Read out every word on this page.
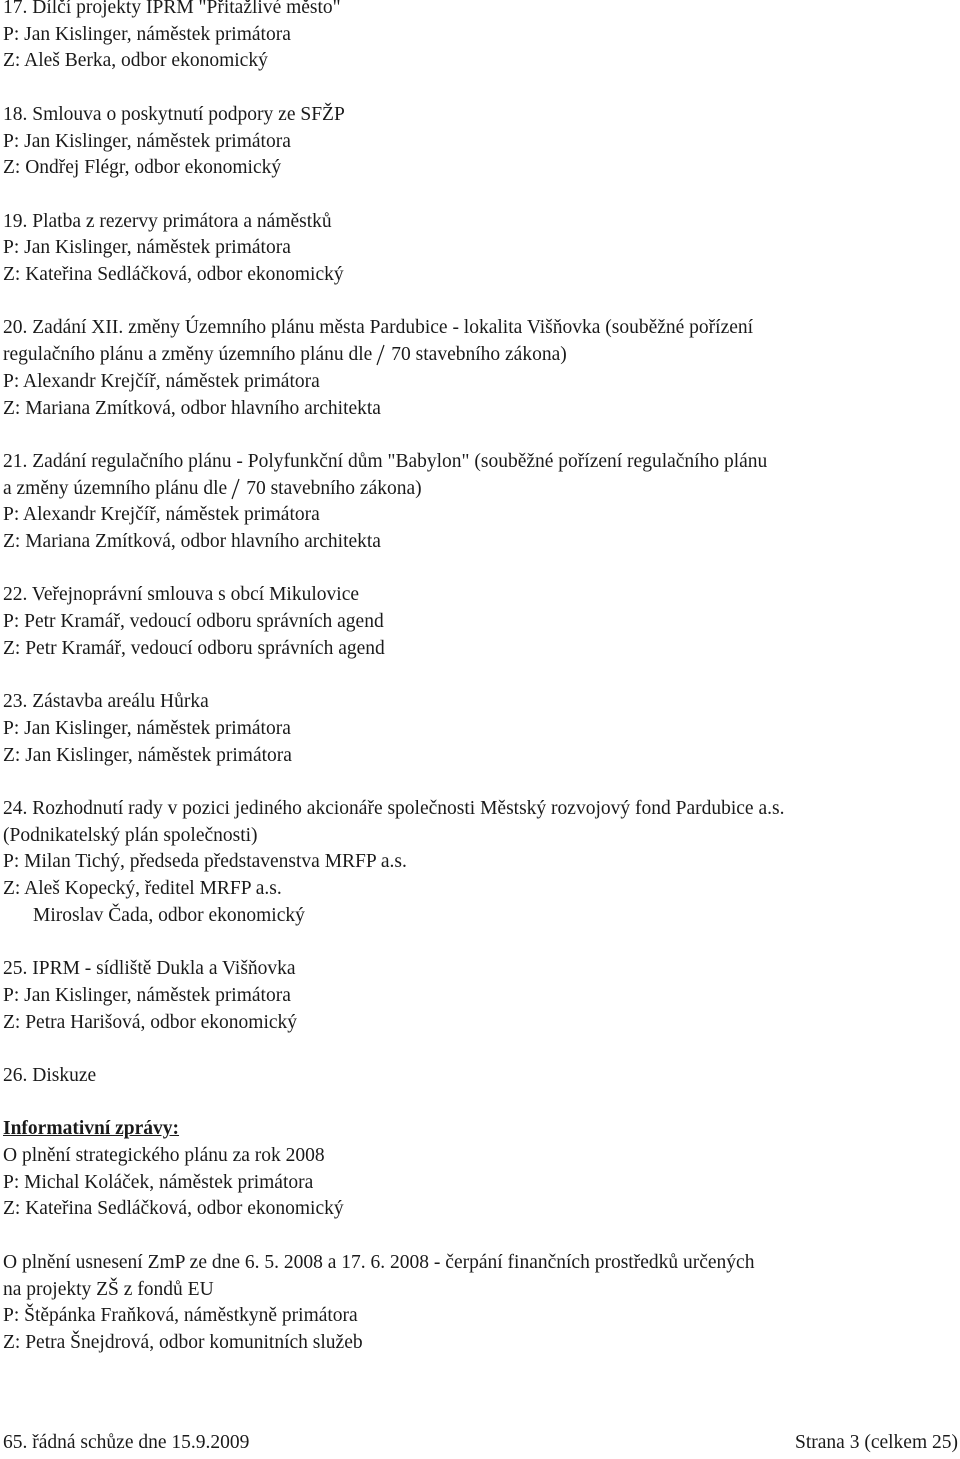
17. Dílčí projekty IPRM "Přitažlivé město"
P: Jan Kislinger, náměstek primátora
Z: Aleš Berka, odbor ekonomický
18. Smlouva o poskytnutí podpory ze SFŽP
P: Jan Kislinger, náměstek primátora
Z: Ondřej Flégr, odbor ekonomický
19. Platba z rezervy primátora a náměstků
P: Jan Kislinger, náměstek primátora
Z: Kateřina Sedláčková, odbor ekonomický
20. Zadání XII. změny Územního plánu města Pardubice - lokalita Višňovka (souběžné pořízení
regulačního plánu a změny územního plánu dle 70 stavebního zákona)
P: Alexandr Krejčíř, náměstek primátora
Z: Mariana Zmítková, odbor hlavního architekta
21. Zadání regulačního plánu - Polyfunkční dům "Babylon" (souběžné pořízení regulačního plánu
a změny územního plánu dle 70 stavebního zákona)
P: Alexandr Krejčíř, náměstek primátora
Z: Mariana Zmítková, odbor hlavního architekta
22. Veřejnoprávní smlouva s obcí Mikulovice
P: Petr Kramář, vedoucí odboru správních agend
Z: Petr Kramář, vedoucí odboru správních agend
23. Zástavba areálu Hůrka
P: Jan Kislinger, náměstek primátora
Z: Jan Kislinger, náměstek primátora
24. Rozhodnutí rady v pozici jediného akcionáře společnosti Městský rozvojový fond Pardubice a.s.
(Podnikatelský plán společnosti)
P: Milan Tichý, předseda představenstva MRFP a.s.
Z: Aleš Kopecký, ředitel MRFP a.s.
Miroslav Čada, odbor ekonomický
25. IPRM - sídliště Dukla a Višňovka
P: Jan Kislinger, náměstek primátora
Z: Petra Harišová, odbor ekonomický
26. Diskuze
Informativní zprávy:
O plnění strategického plánu za rok 2008
P: Michal Koláček, náměstek primátora
Z: Kateřina Sedláčková, odbor ekonomický
O plnění usnesení ZmP ze dne 6. 5. 2008 a 17. 6. 2008 - čerpání finančních prostředků určených
na projekty ZŠ z fondů EU
P: Štěpánka Fraňková, náměstkyně primátora
Z: Petra Šnejdrová, odbor komunitních služeb
65. řádná schůze dne 15.9.2009	Strana 3 (celkem 25)
